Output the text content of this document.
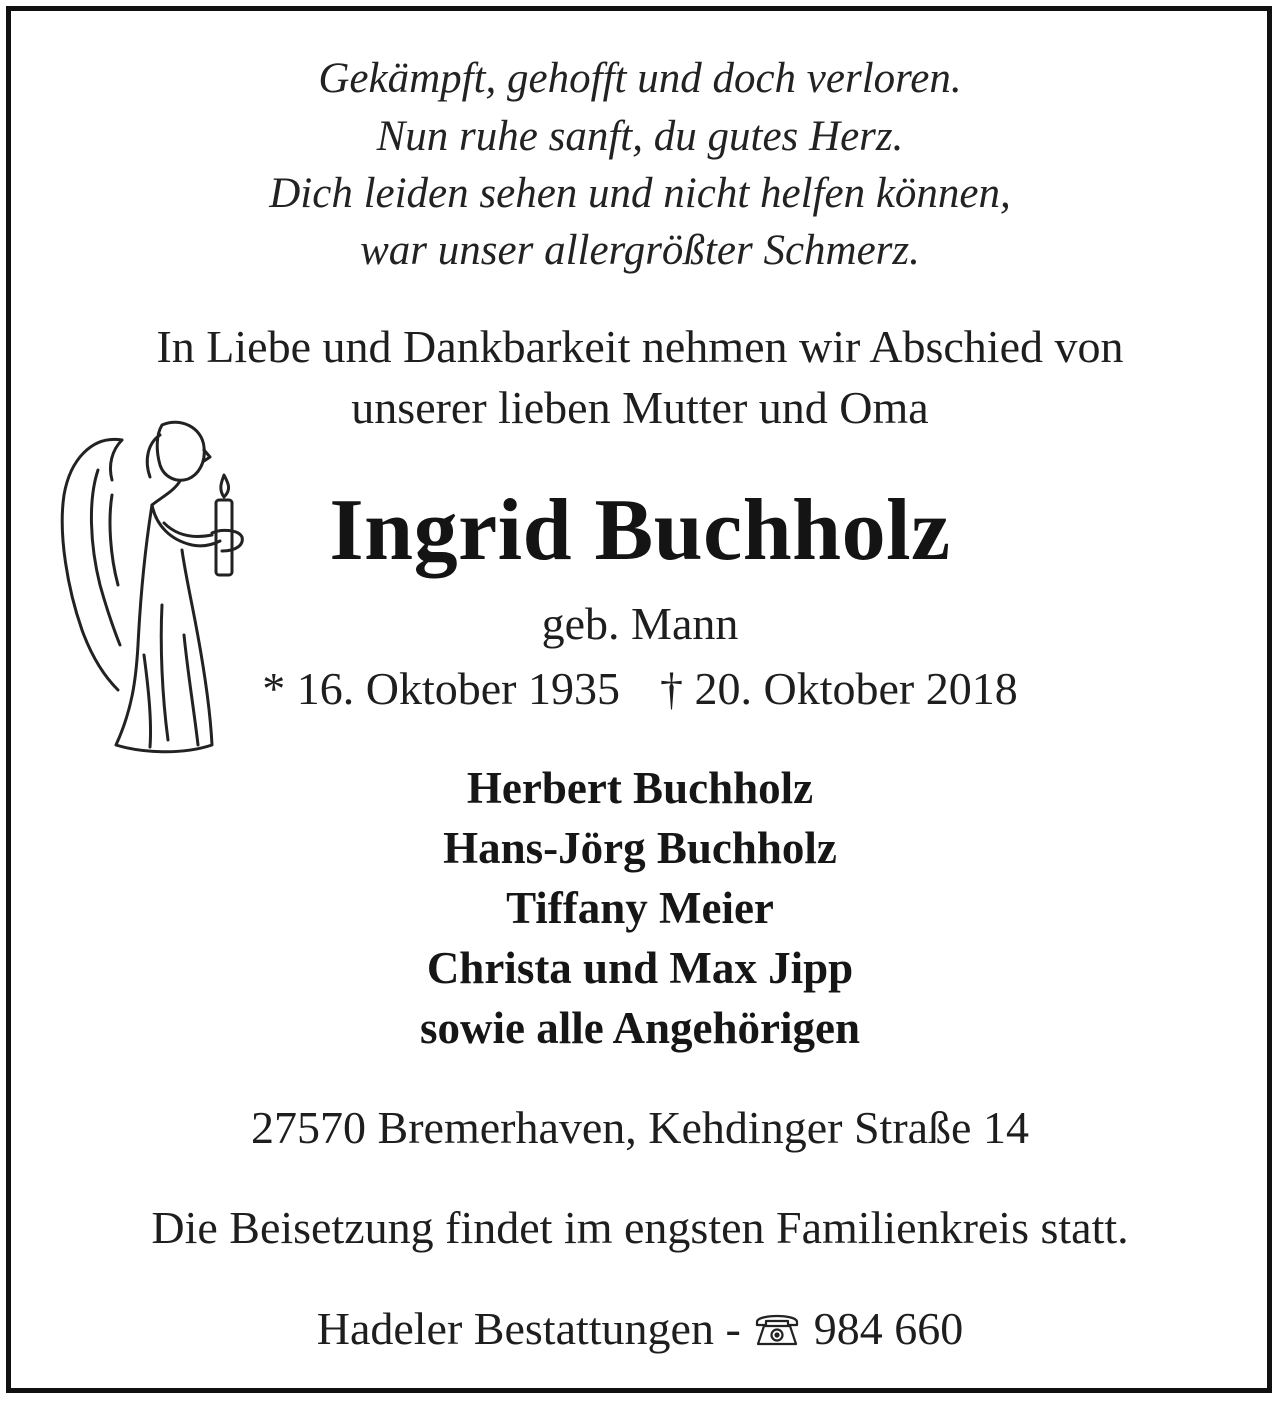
Gekämpft, gehofft und doch verloren.
Nun ruhe sanft, du gutes Herz.
Dich leiden sehen und nicht helfen können,
war unser allergrößter Schmerz.
In Liebe und Dankbarkeit nehmen wir Abschied von
unserer lieben Mutter und Oma
Ingrid Buchholz
geb. Mann
* 16. Oktober 1935 † 20. Oktober 2018
Herbert Buchholz
Hans-Jörg Buchholz
Tiffany Meier
Christa und Max Jipp
sowie alle Angehörigen
27570 Bremerhaven, Kehdinger Straße 14
Die Beisetzung findet im engsten Familienkreis statt.
Hadeler Bestattungen - 984 660
